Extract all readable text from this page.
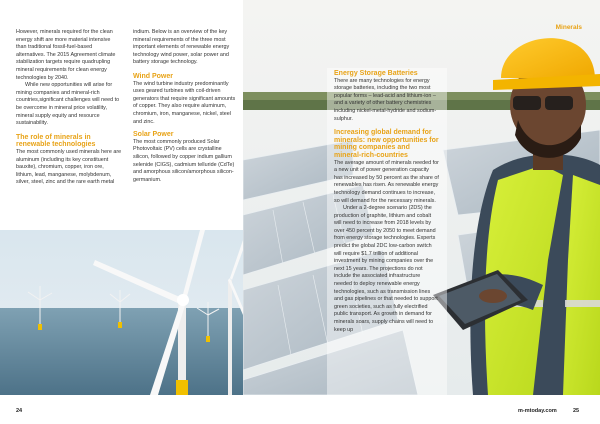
Minerals

However, minerals required for the clean energy shift are more material intensive than traditional fossil-fuel-based alternatives. The 2015 Agreement climate stabilization targets require quadrupling mineral requirements for clean energy technologies by 2040.

While new opportunities will arise for mining companies and mineral-rich countries,significant challenges will need to be overcome in mineral price volatility, mineral supply equity and resource sustainability.

The role of minerals in renewable technologies

The most commonly used minerals here are aluminum (including its key constituent bauxite), chromium, copper, iron ore, lithium, lead, manganese, molybdenum, silver, steel, zinc and the rare earth metal

indium. Below is an overview of the key mineral requirements of the three most important elements of renewable energy technology wind power, solar power and battery storage technology.

Wind Power

The wind turbine industry predominantly uses geared turbines with coil-driven generators that require significant amounts of copper. They also require aluminum, chromium, iron, manganese, nickel, steel and zinc.

Solar Power

The most commonly produced Solar Photovoltaic (PV) cells are crystalline silicon, followed by copper indium gallium selenide (CIGS), cadmium telluride (CdTe) and amorphous silicon/amorphous silicon-germanium.

Energy Storage Batteries

There are many technologies for energy storage batteries, including the two most popular forms – lead-acid and lithium-ion – and a variety of other battery chemistries including nickel-metal-hydride and sodium-sulphur.

Increasing global demand for minerals: new opportunities for mining companies and mineral-rich-countries

The average amount of minerals needed for a new unit of power generation capacity has increased by 50 percent as the share of renewables has risen. As renewable energy technology demand continues to increase, so will demand for the necessary minerals.

Under a 2-degree scenario (2DS) the production of graphite, lithium and cobalt will need to increase from 2018 levels by over 450 percent by 2050 to meet demand from energy storage technologies. Experts predict the global 2DC low-carbon switch will require $1.7 trillion of additional investment by mining companies over the next 15 years. The projections do not include the associated infrastructure needed to deploy renewable energy technologies, such as transmission lines and gas pipelines or that needed to support green societies, such as fully electrified public transport. As growth in demand for minerals soars, supply chains will need to keep up

24	m-mtoday.com	25
